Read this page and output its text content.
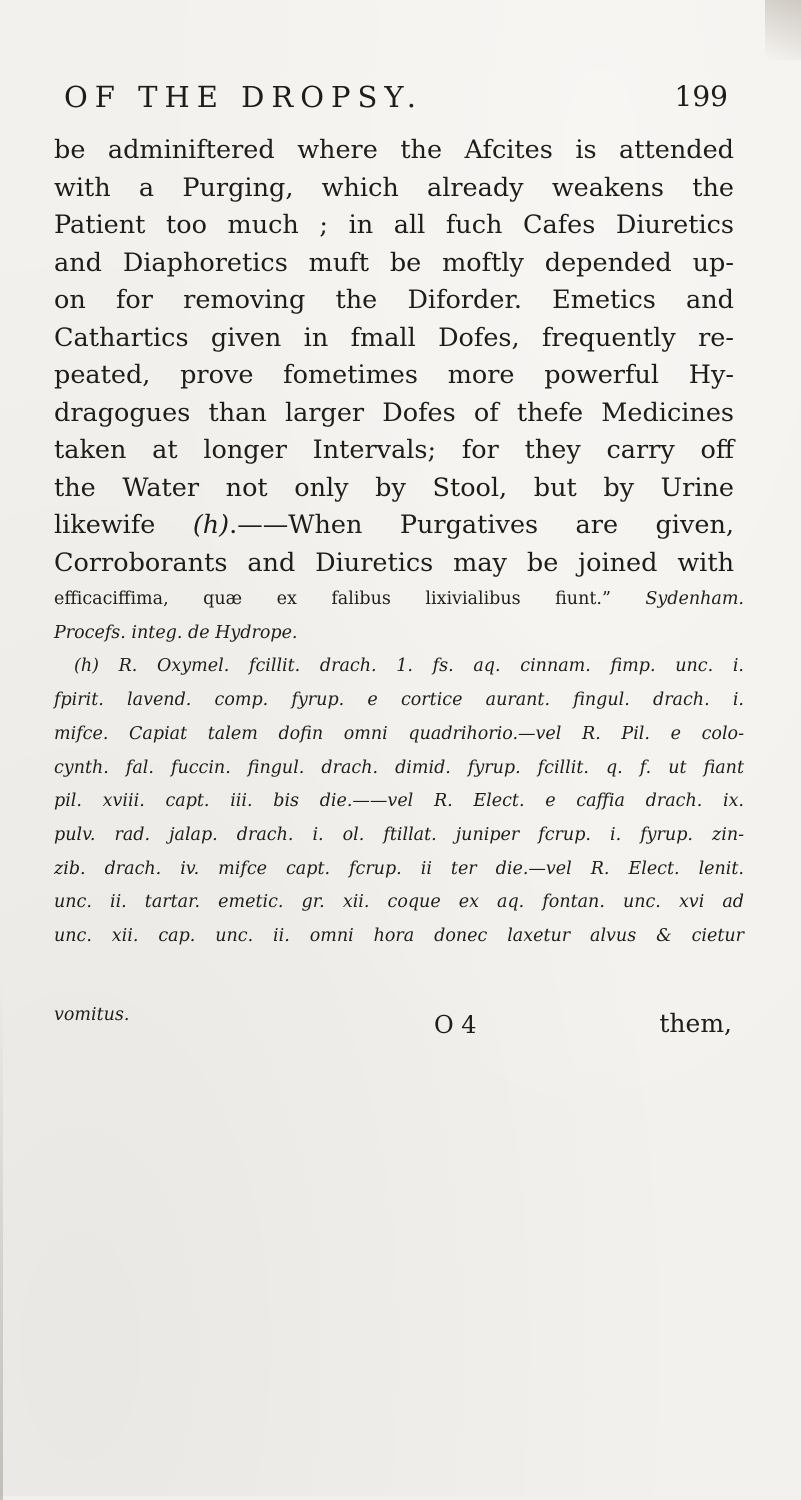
OF THE DROPSY.	199
be adminiftered where the Afcites is attended
with a Purging, which already weakens the
Patient too much ; in all fuch Cafes Diuretics
and Diaphoretics muft be moftly depended up-
on for removing the Diforder. Emetics and
Cathartics given in fmall Dofes, frequently re-
peated, prove fometimes more powerful Hy-
dragogues than larger Dofes of thefe Medicines
taken at longer Intervals; for they carry off
the Water not only by Stool, but by Urine
likewife (h).——When Purgatives are given,
Corroborants and Diuretics may be joined with
efficaciffima, quæ ex falibus lixivialibus fiunt.” Sydenham.
Procefs. integ. de Hydrope.
(h) R. Oxymel. fcillit. drach. 1. fs. aq. cinnam. fimp. unc. i.
fpirit. lavend. comp. fyrup. e cortice aurant. fingul. drach. i.
mifce. Capiat talem dofin omni quadrihorio.—vel R. Pil. e colo-
cynth. fal. fuccin. fingul. drach. dimid. fyrup. fcillit. q. f. ut fiant
pil. xviii. capt. iii. bis die.——vel R. Elect. e caffia drach. ix.
pulv. rad. jalap. drach. i. ol. ftillat. juniper fcrup. i. fyrup. zin-
zib. drach. iv. mifce capt. fcrup. ii ter die.—vel R. Elect. lenit.
unc. ii. tartar. emetic. gr. xii. coque ex aq. fontan. unc. xvi ad
unc. xii. cap. unc. ii. omni hora donec laxetur alvus & cietur
vomitus.	O 4	them,
